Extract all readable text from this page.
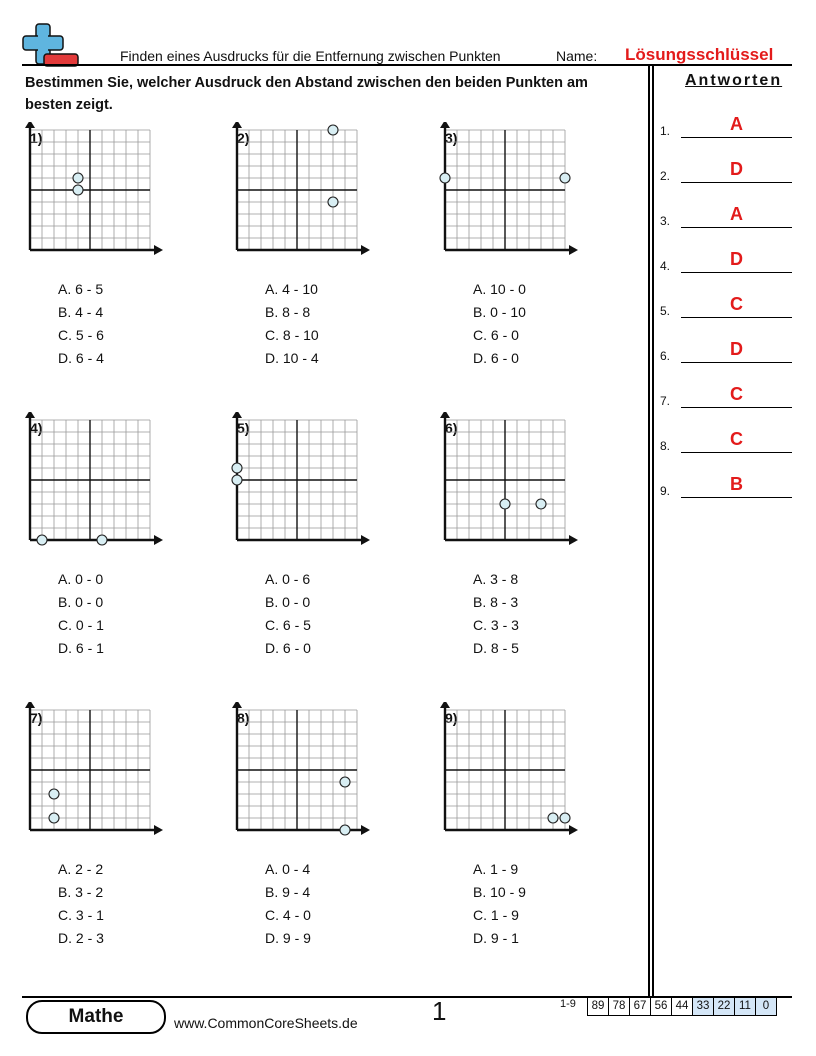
Finden eines Ausdrucks für die Entfernung zwischen Punkten	Name: Lösungsschlüssel
Bestimmen Sie, welcher Ausdruck den Abstand zwischen den beiden Punkten am besten zeigt.
Antworten
1.	A
2.	D
3.	A
4.	D
5.	C
6.	D
7.	C
8.	C
9.	B
1)
A. 6 - 5
B. 4 - 4
C. 5 - 6
D. 6 - 4
2)
A. 4 - 10
B. 8 - 8
C. 8 - 10
D. 10 - 4
3)
A. 10 - 0
B. 0 - 10
C. 6 - 0
D. 6 - 0
4)
A. 0 - 0
B. 0 - 0
C. 0 - 1
D. 6 - 1
5)
A. 0 - 6
B. 0 - 0
C. 6 - 5
D. 6 - 0
6)
A. 3 - 8
B. 8 - 3
C. 3 - 3
D. 8 - 5
7)
A. 2 - 2
B. 3 - 2
C. 3 - 1
D. 2 - 3
8)
A. 0 - 4
B. 9 - 4
C. 4 - 0
D. 9 - 9
9)
A. 1 - 9
B. 10 - 9
C. 1 - 9
D. 9 - 1
Mathe	www.CommonCoreSheets.de	1	1-9	89 78 67 56 44 33 22 11	0
